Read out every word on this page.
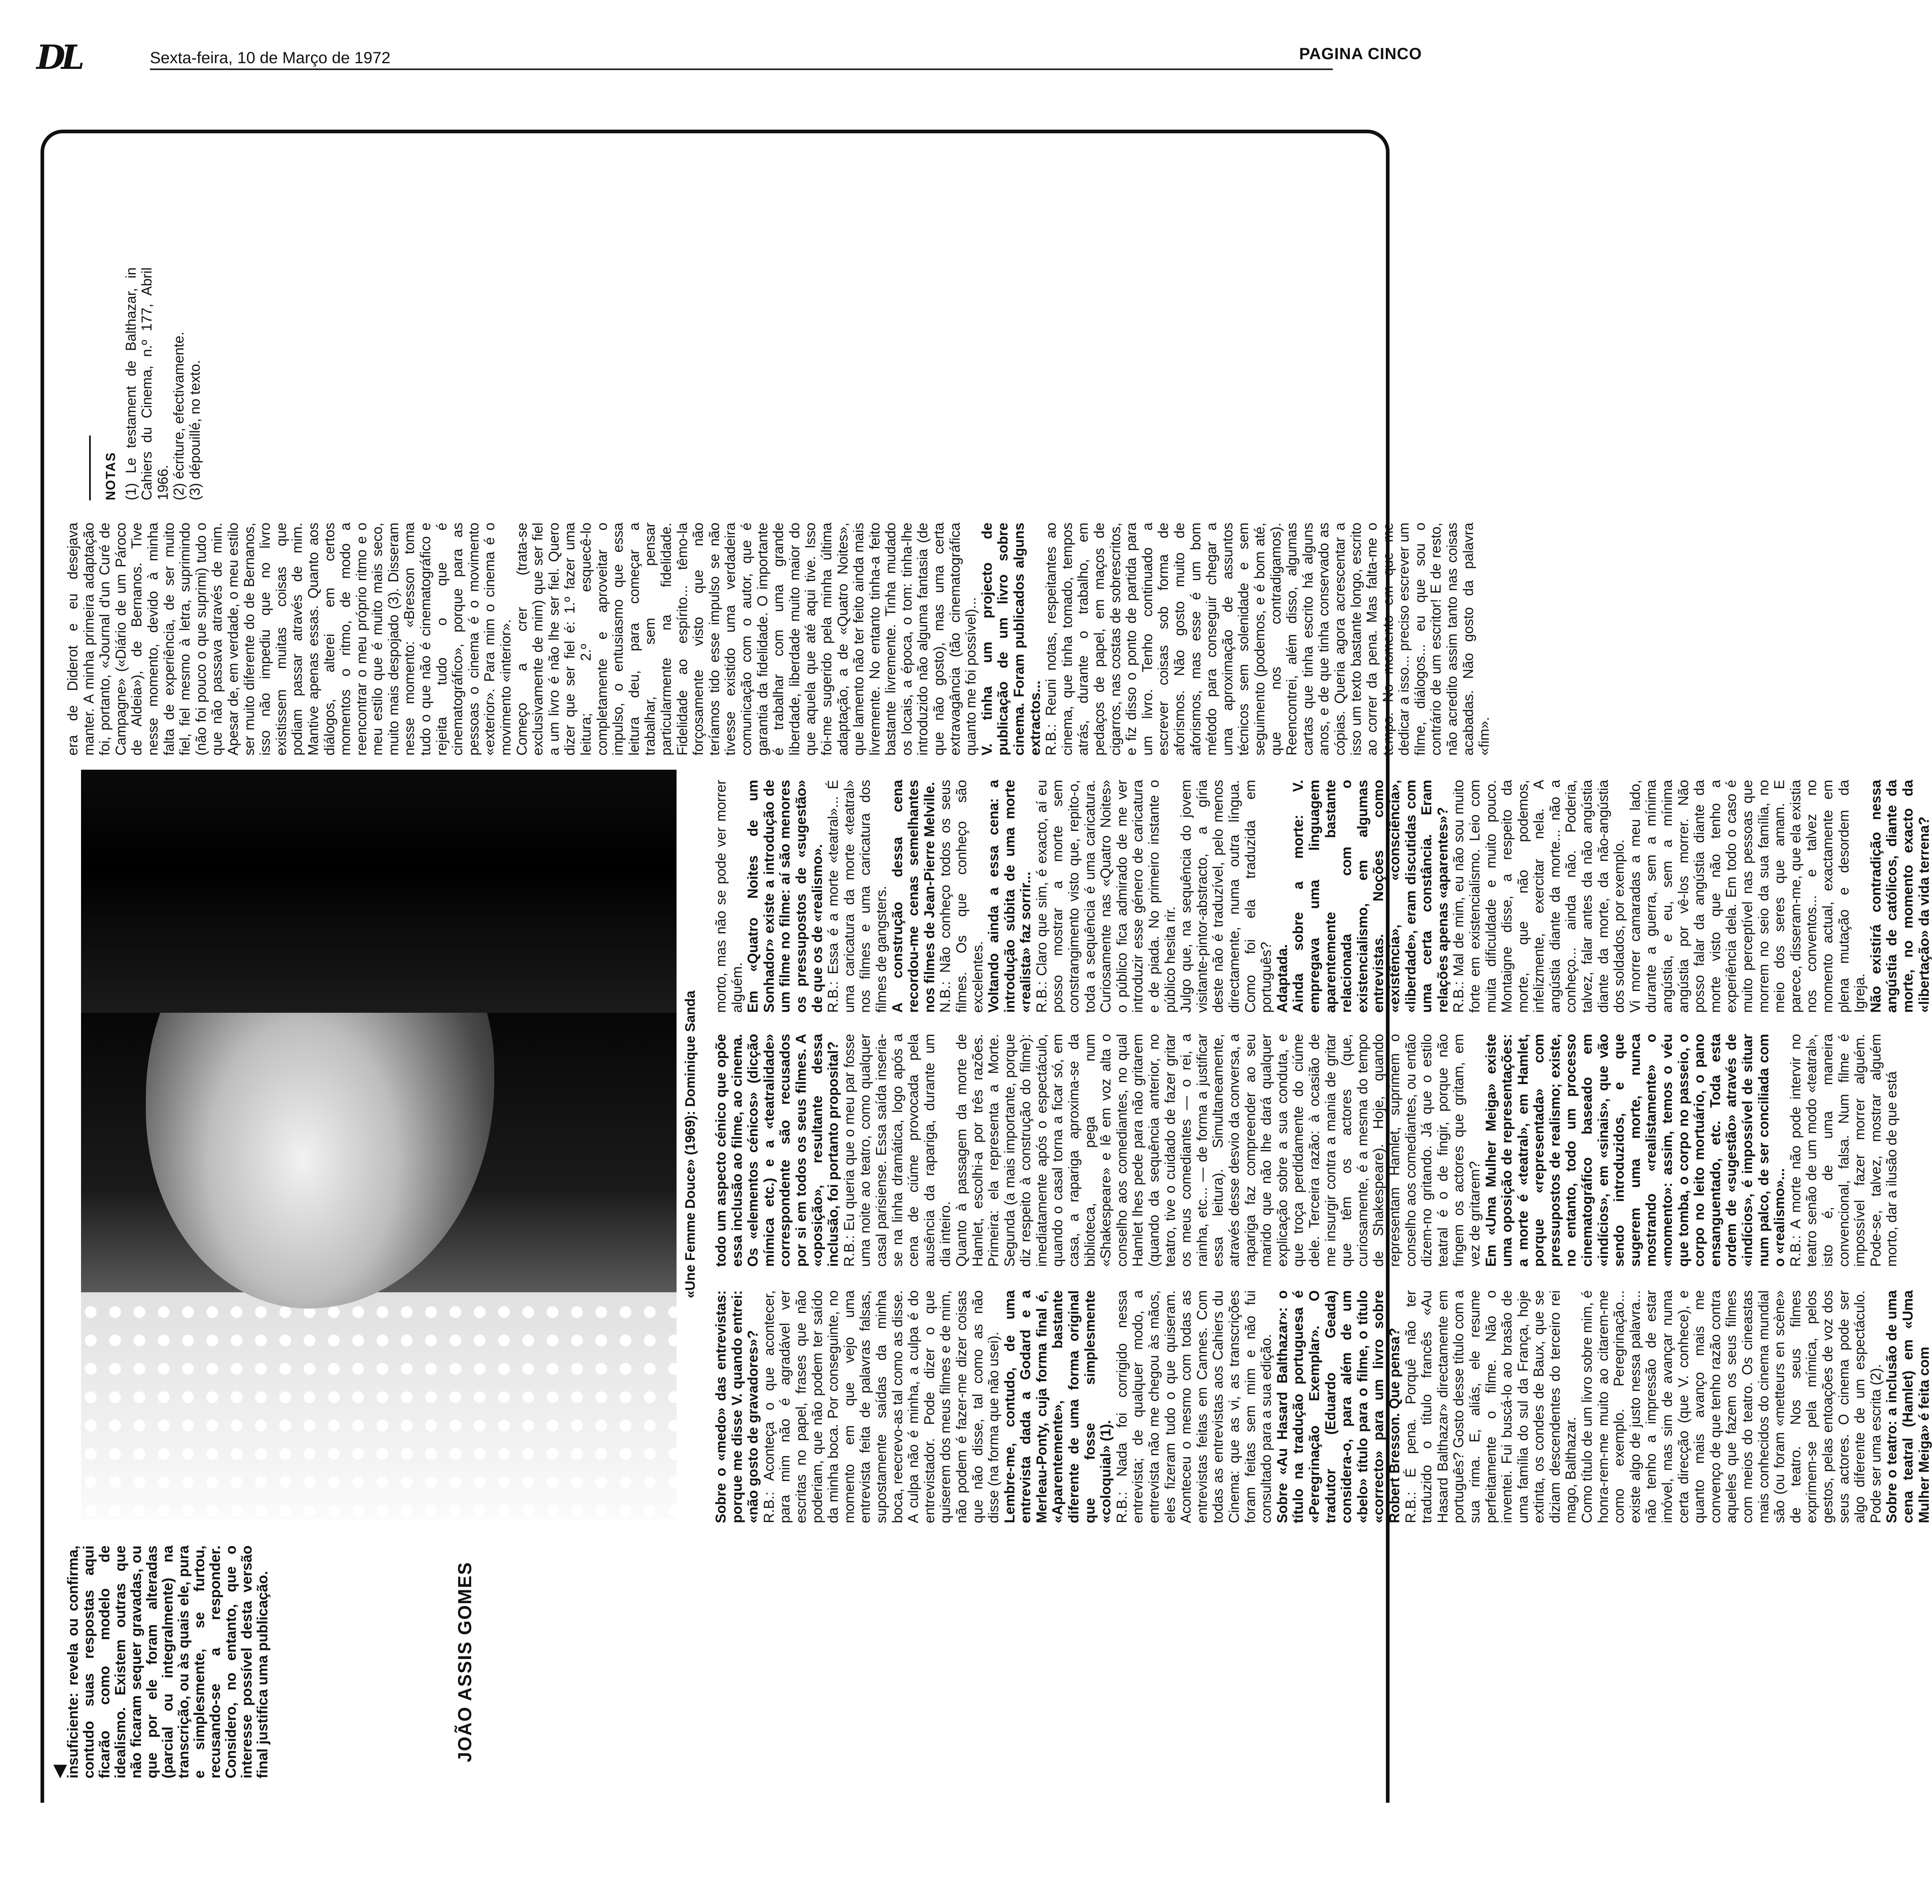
DL	Sexta-feira, 10 de Março de 1972	PAGINA CINCO

insuficiente: revela ou confirma, contudo suas respostas aqui ficarão como modelo de idealismo. Existem outras que não ficaram sequer gravadas, ou que por ele foram alteradas (parcial ou integralmente) na transcrição, ou às quais ele, pura e simplesmente, se furtou, recusando-se a responder. Considero, no entanto, que o interesse possível desta versão final justifica uma publicação.	JOÃO ASSIS GOMES
«Une Femme Douce» (1969): Dominique Sanda

Sobre o «medo» das entrevistas: porque me disse V. quando entrei: «não gosto de gravadores»? R.B.: Aconteça o que acontecer, para mim não é agradável ver escritas no papel, frases que não poderiam, que não podem ter saído da minha boca. Por conseguinte, no momento em que vejo uma entrevista feita de palavras falsas, supostamente saídas da minha boca, reecrevo-as tal como as disse. A culpa não é minha, a culpa é do entrevistador. Pode dizer o que quiserem dos meus filmes e de mim, não podem é fazer-me dizer coisas que não disse, tal como as não disse (na forma que não usei). Lembre-me, contudo, de uma entrevista dada a Godard e a Merleau-Ponty, cuja forma final é, «Aparentemente», bastante diferente de uma forma original que fosse simplesmente «coloquial» (1). R.B.: Nada foi corrigido nessa entrevista; de qualquer modo, a entrevista não me chegou às mãos, eles fizeram tudo o que quiseram. Aconteceu o mesmo com todas as entrevistas feitas em Cannes. Com todas as entrevistas aos Cahiers du Cinema: que as vi, as transcrições foram feitas sem mim e não fui consultado para a sua edição. Sobre «Au Hasard Balthazar»: o título na tradução portuguesa é «Peregrinação Exemplar». O tradutor (Eduardo Geada) considera-o, para além de um «belo» título para o filme, o título «correcto» para um livro sobre Robert Bresson. Que pensa? R.B.: É pena. Porquê não ter traduzido o título francês «Au Hasard Balthazar» directamente em português? Gosto desse título com a sua rima. E, aliás, ele resume perfeitamente o filme. Não o inventei. Fui buscá-lo ao brasão de uma família do sul da França, hoje extinta, os condes de Baux, que se diziam descendentes do terceiro rei mago, Balthazar. Como título de um livro sobre mim, é honra-rem-me muito ao citarem-me como exemplo. Peregrinação... existe algo de justo nessa palavra... não tenho a impressão de estar imóvel, mas sim de avançar numa certa direcção (que V. conhece), e quanto mais avanço mais me convenço de que tenho razão contra aqueles que fazem os seus filmes com meios do teatro. Os cineastas mais conhecidos do cinema mundial são (ou foram «metteurs en scène» de teatro. Nos seus filmes exprimem-se pela mímica, pelos gestos, pelas entoações de voz dos seus actores. O cinema pode ser algo diferente de um espectáculo. Pode ser uma escrita (2). Sobre o teatro: a inclusão de uma cena teatral (Hamlet) em «Uma Mulher Meiga» é feita com

todo um aspecto cénico que opõe essa inclusão ao filme, ao cinema. Os «elementos cénicos» (dicção mímica etc.) e a «teatralidade» correspondente são recusados por si em todos os seus filmes. A «oposição», resultante dessa inclusão, foi portanto proposital? R.B.: Eu queria que o meu par fosse uma noite ao teatro, como qualquer casal parisiense. Essa saída inseria-se na linha dramática, logo após a cena de ciúme provocada pela ausência da rapariga, durante um dia inteiro. Quanto à passagem da morte de Hamlet, escolhi-a por três razões. Primeira: ela representa a Morte. Segunda (a mais importante, porque diz respeito à construção do filme): imediatamente após o espectáculo, quando o casal torna a ficar só, em casa, a rapariga aproxima-se da biblioteca, pega num «Shakespeare» e lê em voz alta o conselho aos comediantes, no qual Hamlet lhes pede para não gritarem (quando da sequência anterior, no teatro, tive o cuidado de fazer gritar os meus comediantes — o rei, a rainha, etc... — de forma a justificar essa leitura). Simultaneamente, através desse desvio da conversa, a rapariga faz compreender ao seu marido que não lhe dará qualquer explicação sobre a sua conduta, e que troça perdidamente do ciúme dele. Terceira razão: à ocasião de me insurgir contra a mania de gritar que têm os actores (que, curiosamente, é a mesma do tempo de Shakespeare). Hoje, quando representam Hamlet, suprimem o conselho aos comediantes, ou então dizem-no gritando. Já que o estilo teatral é o de fingir, porque não fingem os actores que gritam, em vez de gritarem? Em «Uma Mulher Meiga» existe uma oposição de representações: a morte é «teatral», em Hamlet, porque «representada» com pressupostos de realismo; existe, no entanto, todo um processo cinematográfico baseado em «indícios», em «sinais», que vão sendo introduzidos, e que sugerem uma morte, nunca mostrando «realistamente» o «momento»: assim, temos o véu que tomba, o corpo no passeio, o corpo no leito mortuário, o pano ensanguentado, etc. Toda esta ordem de «sugestão» através de «indícios», é impossível de situar num palco, de ser conciliada com o «realismo»... R.B.: A morte não pode intervir no teatro senão de um modo «teatral», isto é, de uma maneira convencional, falsa. Num filme é impossível fazer morrer alguém. Pode-se, talvez, mostrar alguém morto, dar a ilusão de que está

morto, mas não se pode ver morrer alguém. Em «Quatro Noites de um Sonhador» existe a introdução de um filme no filme: aí são menores os pressupostos de «sugestão» de que os de «realismo». R.B.: Essa é a morte «teatral»... É uma caricatura da morte «teatral» nos filmes e uma caricatura dos filmes de gangsters. A construção dessa cena recordou-me cenas semelhantes nos filmes de Jean-Pierre Melville. N.B.: Não conheço todos os seus filmes. Os que conheço são excelentes. Voltando ainda a essa cena: a introdução súbita de uma morte «realista» faz sorrir... R.B.: Claro que sim, é exacto, aí eu posso mostrar a morte sem constrangimento visto que, repito-o, toda a sequência é uma caricatura. Curiosamente nas «Quatro Noites» o público fica admirado de me ver introduzir esse género de caricatura e de piada. No primeiro instante o público hesita rir. Julgo que, na sequência do jovem visitante-pintor-abstracto, a gíria deste não é traduzível, pelo menos directamente, numa outra língua. Como foi ela traduzida em português? Adaptada. Ainda sobre a morte: V. empregava uma linguagem aparentemente bastante relacionada com o existencialismo, em algumas entrevistas. Noções como «existência», «consciência», «liberdade», eram discutidas com uma certa constância. Eram relações apenas «aparentes»? R.B.: Mal de mim, eu não sou muito forte em existencialismo. Leio com muita dificuldade e muito pouco. Montaigne disse, a respeito da morte, que não podemos, infelizmente, exercitar nela. A angústia diante da morte... não a conheço... ainda não. Poderia, talvez, falar antes da não angústia diante da morte, da não-angústia dos soldados, por exemplo. Vi morrer camaradas a meu lado, durante a guerra, sem a mínima angústia, e eu, sem a mínima angústia por vê-los morrer. Não posso falar da angústia diante da morte visto que não tenho a experiência dela. Em todo o caso é muito perceptível nas pessoas que morrem no seio da sua família, no meio dos seres que amam. E parece, disseram-me, que ela existia nos conventos... e talvez no momento actual, exactamente em plena mutação e desordem da Igreja. Não existirá contradição nessa angústia de católicos, diante da morte, no momento exacto da «libertação» da vida terrena?

era de Diderot e eu desejava manter. A minha primeira adaptação foi, portanto, «Journal d'un Curé de Campagne» («Diário de um Pároco de Aldeia»), de Bernanos. Tive nesse momento, devido à minha falta de experiência, de ser muito fiel, fiel mesmo à letra, suprimindo (não foi pouco o que suprimi) tudo o que não passava através de mim. Apesar de, em verdade, o meu estilo ser muito diferente do de Bernanos, isso não impediu que no livro existissem muitas coisas que podiam passar através de mim. Mantive apenas essas. Quanto aos diálogos, alterei em certos momentos o ritmo, de modo a reencontrar o meu próprio ritmo e o meu estilo que é muito mais seco, muito mais despojado (3). Disseram nesse momento: «Bresson toma tudo o que não é cinematográfico e rejeita tudo o que é cinematográfico», porque para as pessoas o cinema é o movimento «exterior». Para mim o cinema é o movimento «interior». Começo a crer (trata-se exclusivamente de mim) que ser fiel a um livro é não lhe ser fiel. Quero dizer que ser fiel é: 1.º fazer uma leitura; 2.º esquecê-lo completamente e aproveitar o impulso, o entusiasmo que essa leitura deu, para começar a trabalhar, sem pensar particularmente na fidelidade. Fidelidade ao espírito... têmo-la forçosamente visto que não teríamos tido esse impulso se não tivesse existido uma verdadeira comunicação com o autor, que é garantia da fidelidade. O importante é trabalhar com uma grande liberdade, liberdade muito maior do que aquela que até aqui tive. Isso foi-me sugerido pela minha última adaptação, a de «Quatro Noites», que lamento não ter feito ainda mais livremente. No entanto tinha-a feito bastante livremente. Tinha mudado os locais, a época, o tom: tinha-lhe introduzido não alguma fantasia (de que não gosto), mas uma certa extravagância (tão cinematográfica quanto me foi possível)... V. tinha um projecto de publicação de um livro sobre cinema. Foram publicados alguns extractos... R.B.: Reuni notas, respeitantes ao cinema, que tinha tomado, tempos atrás, durante o trabalho, em pedaços de papel, em maços de cigarros, nas costas de sobrescritos, e fiz disso o ponto de partida para um livro. Tenho continuado a escrever coisas sob forma de aforismos. Não gosto muito de aforismos, mas esse é um bom método para conseguir chegar a uma aproximação de assuntos técnicos sem solenidade e sem seguimento (podemos, e é bom até, que nos contradigamos). Reencontrei, além disso, algumas cartas que tinha escrito há alguns anos, e de que tinha conservado as cópias. Queria agora acrescentar a isso um texto bastante longo, escrito ao correr da pena. Mas falta-me o tempo. No momento em que me dedicar a isso... preciso escrever um filme, diálogos... eu que sou o contrário de um escritor! E de resto, não acredito assim tanto nas coisas acabadas. Não gosto da palavra «fim».

NOTAS (1) Le testament de Balthazar, in Cahiers du Cinema, n.º 177, Abril 1966. (2) écriture, efectivamente. (3) dépouillé, no texto.

◀
